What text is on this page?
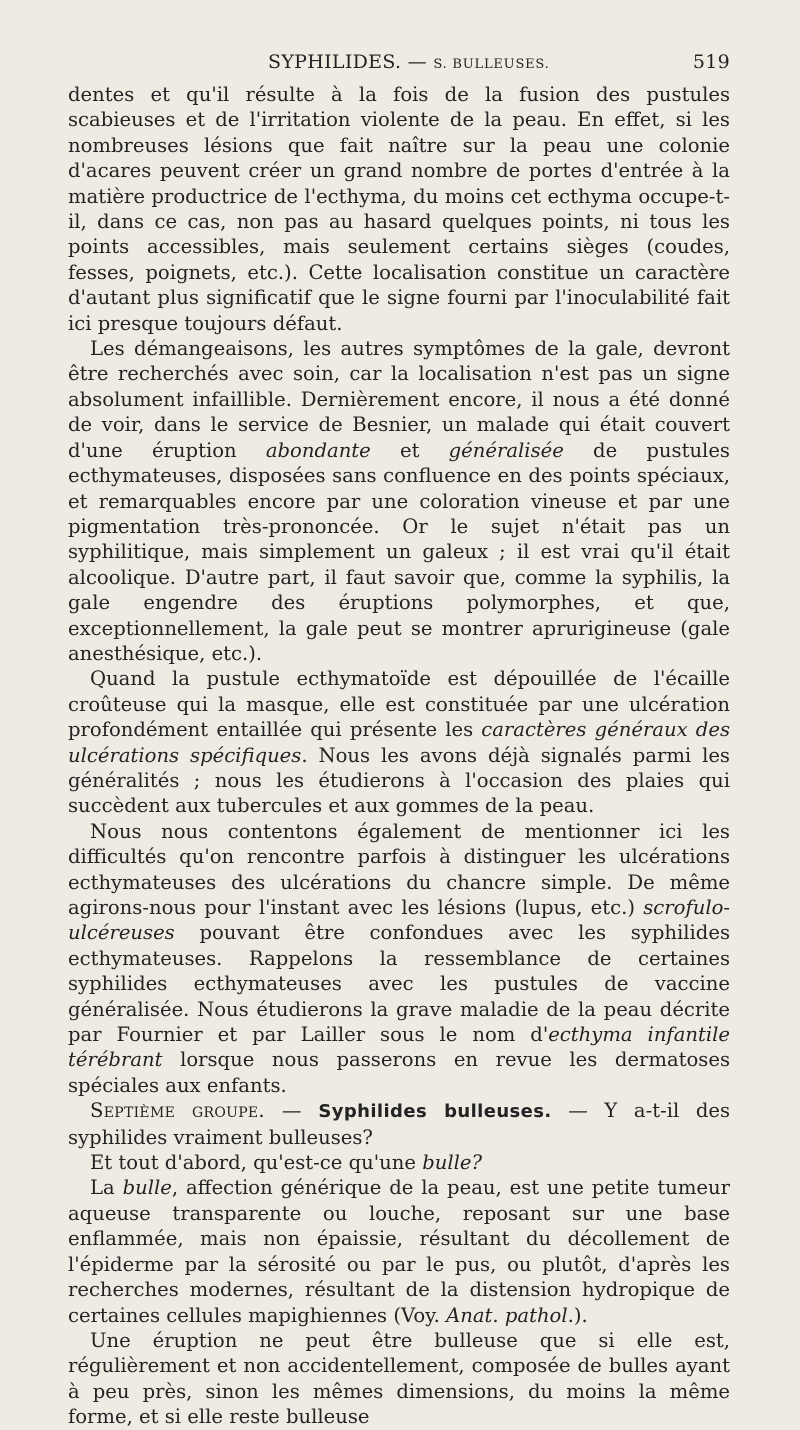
SYPHILIDES. — S. BULLEUSES.	519

dentes et qu'il résulte à la fois de la fusion des pustules scabieuses et de l'irritation violente de la peau. En effet, si les nombreuses lésions que fait naître sur la peau une colonie d'acares peuvent créer un grand nombre de portes d'entrée à la matière productrice de l'ecthyma, du moins cet ecthyma occupe-t-il, dans ce cas, non pas au hasard quelques points, ni tous les points accessibles, mais seulement certains sièges (coudes, fesses, poignets, etc.). Cette localisation constitue un caractère d'autant plus significatif que le signe fourni par l'inoculabilité fait ici presque toujours défaut.

Les démangeaisons, les autres symptômes de la gale, devront être recherchés avec soin, car la localisation n'est pas un signe absolument infaillible. Dernièrement encore, il nous a été donné de voir, dans le service de Besnier, un malade qui était couvert d'une éruption abondante et généralisée de pustules ecthymateuses, disposées sans confluence en des points spéciaux, et remarquables encore par une coloration vineuse et par une pigmentation très-prononcée. Or le sujet n'était pas un syphilitique, mais simplement un galeux ; il est vrai qu'il était alcoolique. D'autre part, il faut savoir que, comme la syphilis, la gale engendre des éruptions polymorphes, et que, exceptionnellement, la gale peut se montrer aprurigineuse (gale anesthésique, etc.).

Quand la pustule ecthymatoïde est dépouillée de l'écaille croûteuse qui la masque, elle est constituée par une ulcération profondément entaillée qui présente les caractères généraux des ulcérations spécifiques. Nous les avons déjà signalés parmi les généralités ; nous les étudierons à l'occasion des plaies qui succèdent aux tubercules et aux gommes de la peau.

Nous nous contentons également de mentionner ici les difficultés qu'on rencontre parfois à distinguer les ulcérations ecthymateuses des ulcérations du chancre simple. De même agirons-nous pour l'instant avec les lésions (lupus, etc.) scrofulo-ulcéreuses pouvant être confondues avec les syphilides ecthymateuses. Rappelons la ressemblance de certaines syphilides ecthymateuses avec les pustules de vaccine généralisée. Nous étudierons la grave maladie de la peau décrite par Fournier et par Lailler sous le nom d'ecthyma infantile térébrant lorsque nous passerons en revue les dermatoses spéciales aux enfants.

Septième groupe. — Syphilides bulleuses. — Y a-t-il des syphilides vraiment bulleuses?

Et tout d'abord, qu'est-ce qu'une bulle?

La bulle, affection générique de la peau, est une petite tumeur aqueuse transparente ou louche, reposant sur une base enflammée, mais non épaissie, résultant du décollement de l'épiderme par la sérosité ou par le pus, ou plutôt, d'après les recherches modernes, résultant de la distension hydropique de certaines cellules mapighiennes (Voy. Anat. pathol.).

Une éruption ne peut être bulleuse que si elle est, régulièrement et non accidentellement, composée de bulles ayant à peu près, sinon les mêmes dimensions, du moins la même forme, et si elle reste bulleuse
